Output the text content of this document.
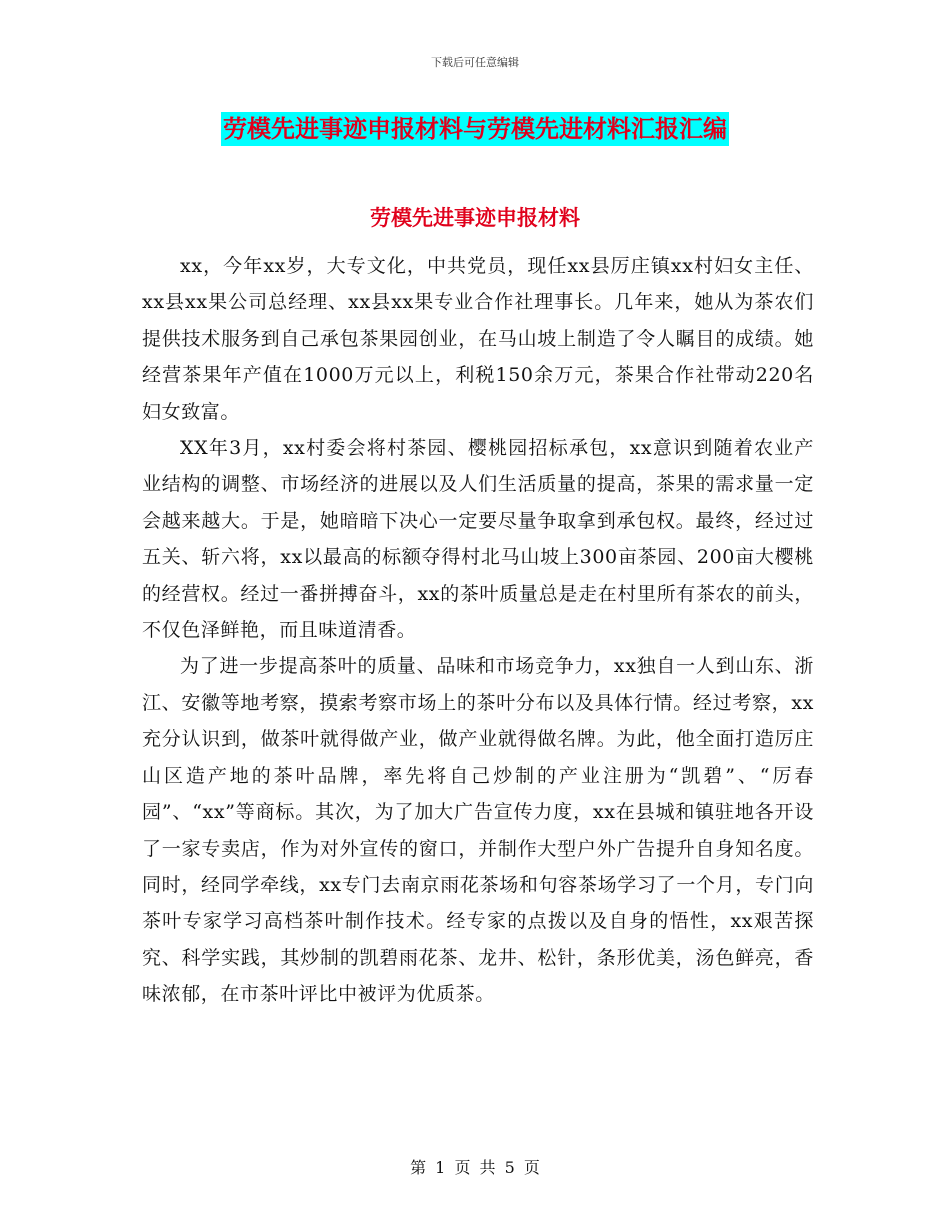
下载后可任意编辑
劳模先进事迹申报材料与劳模先进材料汇报汇编
劳模先进事迹申报材料

xx，今年xx岁，大专文化，中共党员，现任xx县厉庄镇xx村妇女主任、xx县xx果公司总经理、xx县xx果专业合作社理事长。几年来，她从为茶农们提供技术服务到自己承包茶果园创业，在马山坡上制造了令人瞩目的成绩。她经营茶果年产值在1000万元以上，利税150余万元，茶果合作社带动220名妇女致富。

XX年3月，xx村委会将村茶园、樱桃园招标承包，xx意识到随着农业产业结构的调整、市场经济的进展以及人们生活质量的提高，茶果的需求量一定会越来越大。于是，她暗暗下决心一定要尽量争取拿到承包权。最终，经过过五关、斩六将，xx以最高的标额夺得村北马山坡上300亩茶园、200亩大樱桃的经营权。经过一番拼搏奋斗，xx的茶叶质量总是走在村里所有茶农的前头，不仅色泽鲜艳，而且味道清香。

为了进一步提高茶叶的质量、品味和市场竞争力，xx独自一人到山东、浙江、安徽等地考察，摸索考察市场上的茶叶分布以及具体行情。经过考察，xx充分认识到，做茶叶就得做产业，做产业就得做名牌。为此，他全面打造厉庄山区造产地的茶叶品牌，率先将自己炒制的产业注册为“凯碧”、“厉春园”、“xx”等商标。其次，为了加大广告宣传力度，xx在县城和镇驻地各开设了一家专卖店，作为对外宣传的窗口，并制作大型户外广告提升自身知名度。同时，经同学牵线，xx专门去南京雨花茶场和句容茶场学习了一个月，专门向茶叶专家学习高档茶叶制作技术。经专家的点拨以及自身的悟性，xx艰苦探究、科学实践，其炒制的凯碧雨花茶、龙井、松针，条形优美，汤色鲜亮，香味浓郁，在市茶叶评比中被评为优质茶。

第 1 页 共 5 页
